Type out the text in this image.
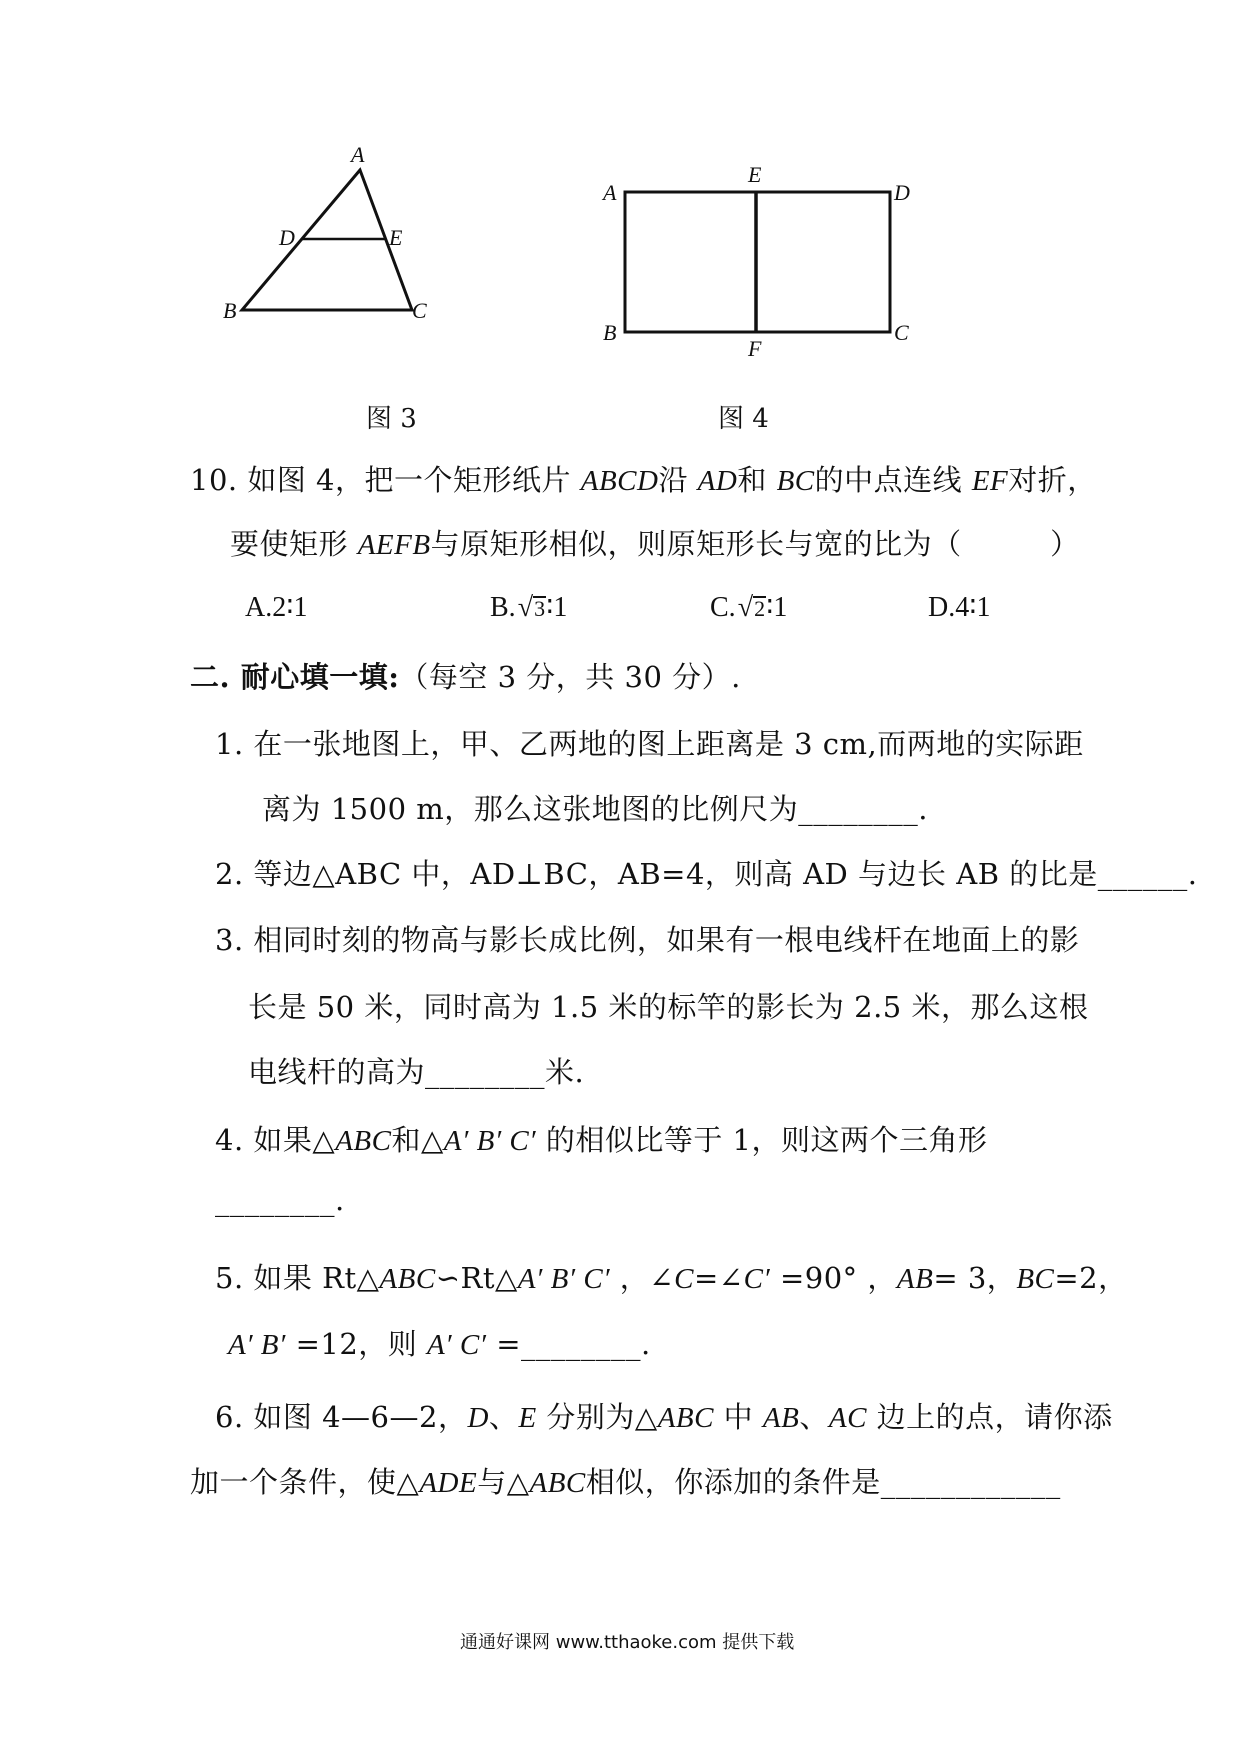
A
B	C
D	E
图 3
A
E
D
B
F
C
图 4
10. 如图 4，把一个矩形纸片 ABCD沿 AD和 BC的中点连线 EF对折，
要使矩形 AEFB与原矩形相似，则原矩形长与宽的比为（　　　）
A.2∶1	B.√3∶1	C.√2∶1	D.4∶1
二. 耐心填一填:（每空 3 分，共 30 分）.
1. 在一张地图上，甲、乙两地的图上距离是 3 cm,而两地的实际距
离为 1500 m，那么这张地图的比例尺为________.
2. 等边△ABC 中，AD⊥BC，AB=4，则高 AD 与边长 AB 的比是______.
3. 相同时刻的物高与影长成比例，如果有一根电线杆在地面上的影
长是 50 米，同时高为 1.5 米的标竿的影长为 2.5 米，那么这根
电线杆的高为________米.
4. 如果△ABC和△A′ B′ C′ 的相似比等于 1，则这两个三角形
________.
5. 如果 Rt△ABC∽Rt△A′ B′ C′ ，∠C=∠C′ =90° ，AB= 3，BC=2，
A′ B′ =12，则 A′ C′ =________.
6. 如图 4—6—2，D、E 分别为△ABC 中 AB、AC 边上的点，请你添
加一个条件，使△ADE与△ABC相似，你添加的条件是____________
通通好课网 www.tthaoke.com 提供下载
